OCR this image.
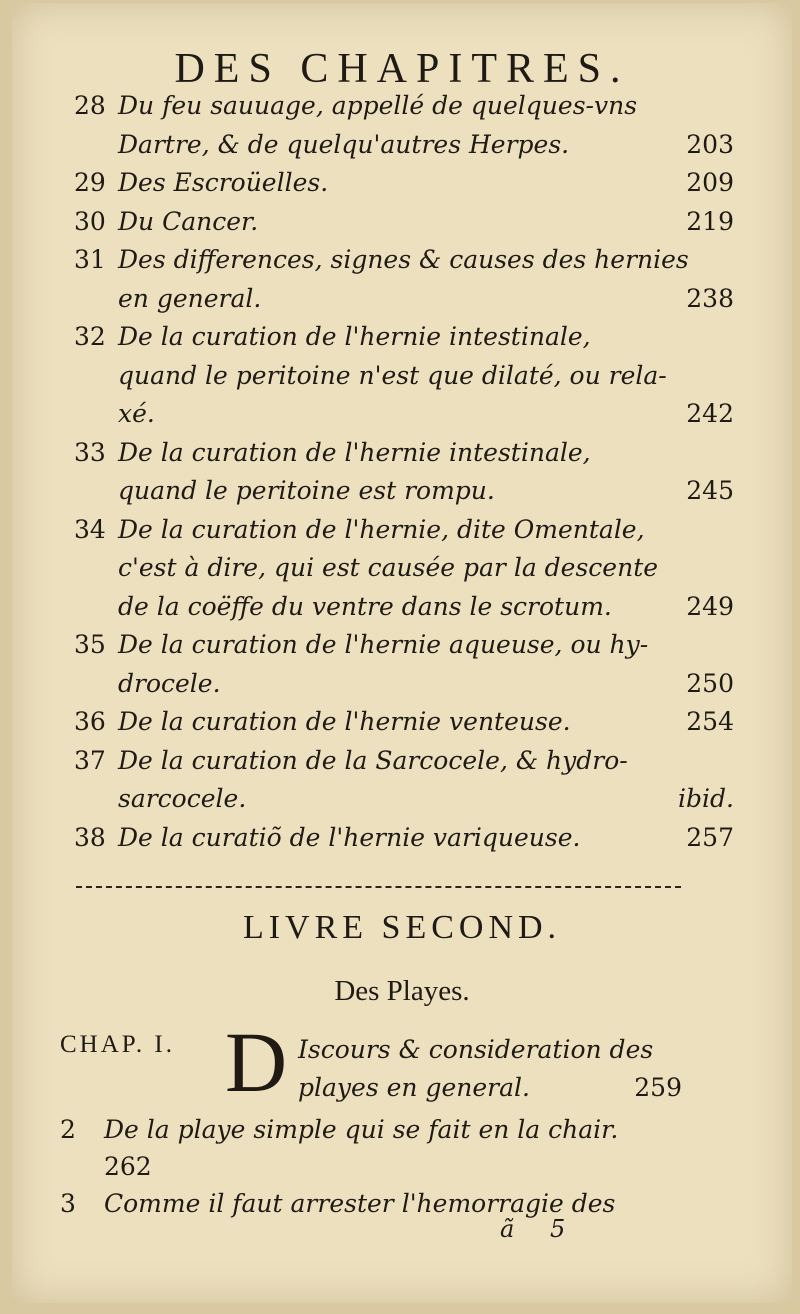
DES CHAPITRES.
28 Du feu sauuage, appellé de quelques-vns
Dartre, & de quelqu'autres Herpes.	203
29 Des Escroüelles.	209
30 Du Cancer.	219
31 Des differences, signes & causes des hernies
en general.	238
32 De la curation de l'hernie intestinale,
quand le peritoine n'est que dilaté, ou rela-
xé.	242
33 De la curation de l'hernie intestinale,
quand le peritoine est rompu.	245
34 De la curation de l'hernie, dite Omentale,
c'est à dire, qui est causée par la descente
de la coëffe du ventre dans le scrotum.	249
35 De la curation de l'hernie aqueuse, ou hy-
drocele.	250
36 De la curation de l'hernie venteuse.	254
37 De la curation de la Sarcocele, & hydro-
sarcocele.	ibid.
38 De la curatiõ de l'hernie variqueuse.	257
LIVRE SECOND.
Des Playes.
CHAP. I. D Iscours & consideration des
playes en general.	259
2	De la playe simple qui se fait en la chair.
262
3	Comme il faut arrester l'hemorragie des
ã 5
